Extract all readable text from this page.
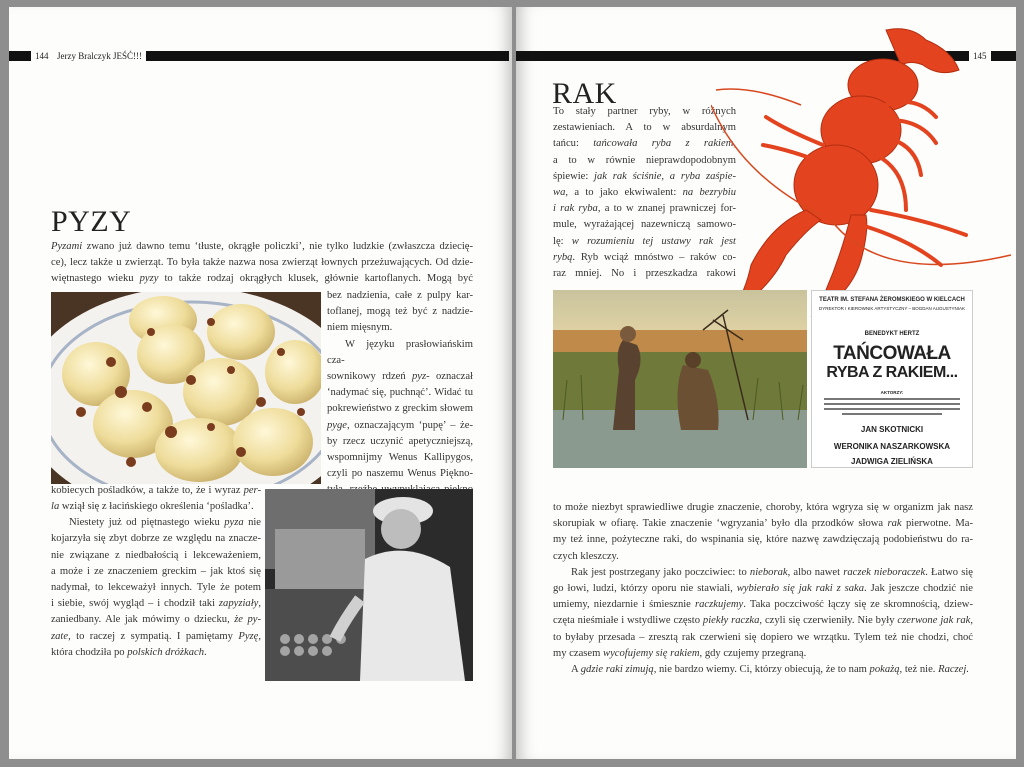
144 Jerzy Bralczyk JEŚĆ!!!
PYZY

Pyzami zwano już dawno temu ‘tłuste, okrągłe policzki’, nie tylko ludzkie (zwłaszcza dziecię-

ce), lecz także u zwierząt. To była także nazwa nosa zwierząt łownych przeżuwających. Od dzie-

więtnastego wieku pyzy to także rodzaj okrągłych klusek, głównie kartoflanych. Mogą być

bez nadzienia, całe z pulpy kar-

toflanej, mogą też być z nadzie-

niem mięsnym.

W języku prasłowiańskim cza-

sownikowy rdzeń pyz- oznaczał

‘nadymać się, puchnąć’. Widać tu

pokrewieństwo z greckim słowem

pyge, oznaczającym ‘pupę’ – że-

by rzecz uczynić apetyczniejszą,

wspomnijmy Wenus Kallipygos,

czyli po naszemu Wenus Piękno-

kobiecych pośladków, a także to, że i wyraz per-

la wziął się z łacińskiego określenia ‘pośladka’.

Niestety już od piętnastego wieku pyza nie

kojarzyła się zbyt dobrze ze względu na znacze-

nie związane z niedbałością i lekceważeniem,

a może i ze znaczeniem greckim – jak ktoś się

nadymał, to lekceważył innych. Tyle że potem

i siebie, swój wygląd – i chodził taki zapyziały,

zaniedbany. Ale jak mówimy o dziecku, że py-

zate, to raczej z sympatią. I pamiętamy Pyzę,

która chodziła po polskich dróżkach.

145
RAK

To stały partner ryby, w różnych

zestawieniach. A to w absurdalnym

tańcu: tańcowała ryba z rakiem,

a to w równie nieprawdopodobnym

śpiewie: jak rak ściśnie, a ryba zaśpie-

wa, a to jako ekwiwalent: na bezrybiu

i rak ryba, a to w znanej prawniczej for-

mule, wyrażającej nazewniczą samowo-

lę: w rozumieniu tej ustawy rak jest

rybą. Ryb wciąż mnóstwo – raków co-

raz mniej. No i przeszkadza rakowi

TEATR IM. STEFANA ŻEROMSKIEGO W KIELCACH
DYREKTOR I KIEROWNIK ARTYSTYCZNY – BOGDAN AUGUSTYNIAK
BENEDYKT HERTZ
TAŃCOWAŁA
RYBA Z RAKIEM...
AKTORZY:
JAN SKOTNICKI
WERONIKA NASZARKOWSKA
JADWIGA ZIELIŃSKA

to może niezbyt sprawiedliwe drugie znaczenie, choroby, która wgryza się w organizm jak nasz

skorupiak w ofiarę. Takie znaczenie ‘wgryzania’ było dla przodków słowa rak pierwotne. Ma-

my też inne, pożyteczne raki, do wspinania się, które nazwę zawdzięczają podobieństwu do ra-

czych kleszczy.

Rak jest postrzegany jako poczciwiec: to nieborak, albo nawet raczek nieboraczek. Łatwo się

go łowi, ludzi, którzy oporu nie stawiali, wybierało się jak raki z saka. Jak jeszcze chodzić nie

umiemy, niezdarnie i śmiesznie raczkujemy. Taka poczciwość łączy się ze skromnością, dziew-

częta nieśmiałe i wstydliwe często piekły raczka, czyli się czerwieniły. Nie były czerwone jak rak,

to byłaby przesada – zresztą rak czerwieni się dopiero we wrzątku. Tylem też nie chodzi, choć

my czasem wycofujemy się rakiem, gdy czujemy przegraną.

A gdzie raki zimują, nie bardzo wiemy. Ci, którzy obiecują, że to nam pokażą, też nie. Raczej.
